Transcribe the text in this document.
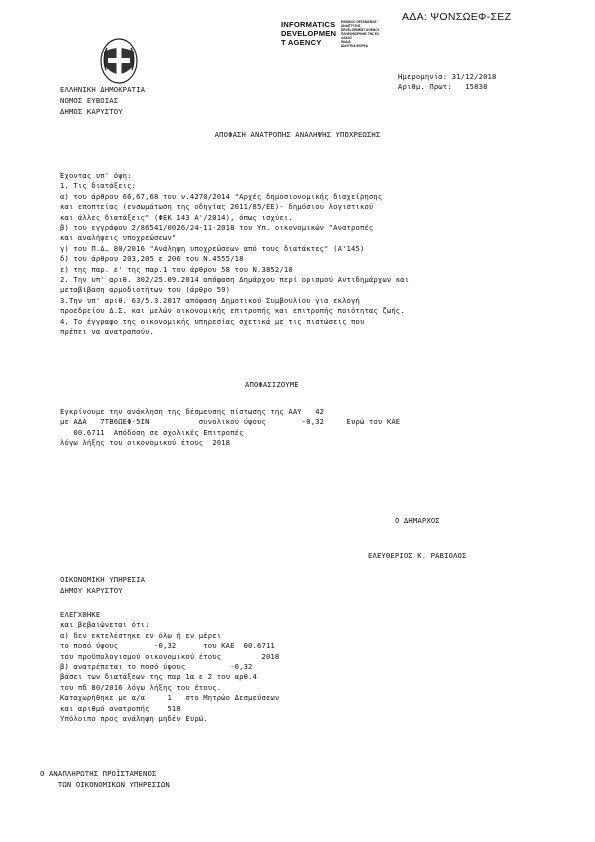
ΑΔΑ: ΨΟΝΣΩΕΦ-ΣΕΖ
INFORMATICS
DEVELOPMEN
T AGENCY
ΕΘΝΙΚΟΣ ΟΡΓΑΝΙΣΜΟΣ
ΑΝΑΠΤΥΞΗΣ
DEVELOPMENT AGENCY
ΠΛΗΡΟΦΟΡΙΚΗΣ ΤΗΣ ΕΛ
ΛΑΔΟΣ
ΡΑΔΙΑ
ΔΙΑΥΓΕΙΑ ΦΟΡΕΑ
Ημερομηνία: 31/12/2018
Αριθμ. Πρωτ:   15838
ΕΛΛΗΝΙΚΗ ΔΗΜΟΚΡΑΤΙΑ
ΝΟΜΟΣ ΕΥΒΟΙΑΣ
ΔΗΜΟΣ ΚΑΡΥΣΤΟΥ
ΑΠΟΦΑΣΗ ΑΝΑΤΡΟΠΗΣ ΑΝΑΛΗΨΗΣ ΥΠΟΧΡΕΩΣΗΣ
Έχοντας υπ' όψη:
1. Τις διατάξεις:
α) του άρθρου 66,67,68 του ν.4270/2014 "Αρχές δημοσιονομικής διαχείρησης
και εποπτείας (ενσωμάτωση της οδηγίας 2011/85/ΕΕ)- δημόσιου λογιστικού
και άλλες διατάξεις" (ΦΕΚ 143 Α'/2014), όπως ισχύει.
β) του εγγράφου 2/86541/0026/24-11-2018 του Υπ. οικονομικών "Ανατροπές
και αναλήψεις υποχρεώσεων"
γ) του Π.Δ. 80/2016 "Ανάληψη υποχρεώσεων από τους διατάκτες" (Α'145)
δ) του άρθρου 203,205 ε 206 του Ν.4555/18
ε) της παρ. ε' της παρ.1 του άρθρου 58 του Ν.3852/10
2. Την υπ' αριθ. 302/25.09.2014 απόφαση Δημάρχου περί ορισμού Αντιδημάρχων και
μεταβίβαση αρμοδιοτήτων του (άρθρο 59)
3.Την υπ' αριθ. 63/5.3.2017 απόφαση Δημοτικού Συμβουλίου για εκλογή
προεδρείου Δ.Σ. και μελών οικονομικής επιτροπής και επιτροπής ποιότητας ζωής.
4. Το έγγραφο της οικονομικής υπηρεσίας σχετικά με τις πιστώσεις που
πρέπει να ανατραπούν.
ΑΠΟΦΑΣΙΖΟΥΜΕ
Εγκρίνουμε την ανάκληση της δέσμευσης πίστωσης της ΑΑΥ   42
με ΑΔΑ   7ΤΒ6ΩΕΦ-5ΙΝ           συνολικού ύψους        -0,32     Ευρώ του ΚΑΕ
00.6711  Απόδοση σε σχολικές Επιτροπές
λόγω λήξης του οικονομικού έτους  2018
Ο ΔΗΜΑΡΧΟΣ
ΕΛΕΥΘΕΡΙΟΣ Κ. ΡΑΒΙΟΛΟΣ
ΟΙΚΟΝΟΜΙΚΗ ΥΠΗΡΕΣΙΑ
ΔΗΜΟΥ ΚΑΡΥΣΤΟΥ
ΕΛΕΓΧΘΗΚΕ
και βεβαιώνεται ότι:
α) δεν εκτελέστηκε εν όλω ή εν μέρει
το ποσό ύψους        -0,32      του ΚΑΕ  00.6711
του προϋπολογισμού οικονομικού έτους         2018
β) ανατρέπεται το ποσό ύψους          -0,32
βάσει των διατάξεων της παρ 1α ε 2 του αρθ.4
του πδ 80/2016 λόγω λήξης του έτους.
Καταχωρήθηκε με α/α     1   στο Μητρώο Δεσμεύσεων
και αριθμό ανατροπής    518
Υπόλοιπο προς ανάληψη μηδέν Ευρώ.
Ο ΑΝΑΠΛΗΡΩΤΗΣ ΠΡΟΪΣΤΑΜΕΝΟΣ
ΤΩΝ ΟΙΚΟΝΟΜΙΚΩΝ ΥΠΗΡΕΣΙΩΝ
